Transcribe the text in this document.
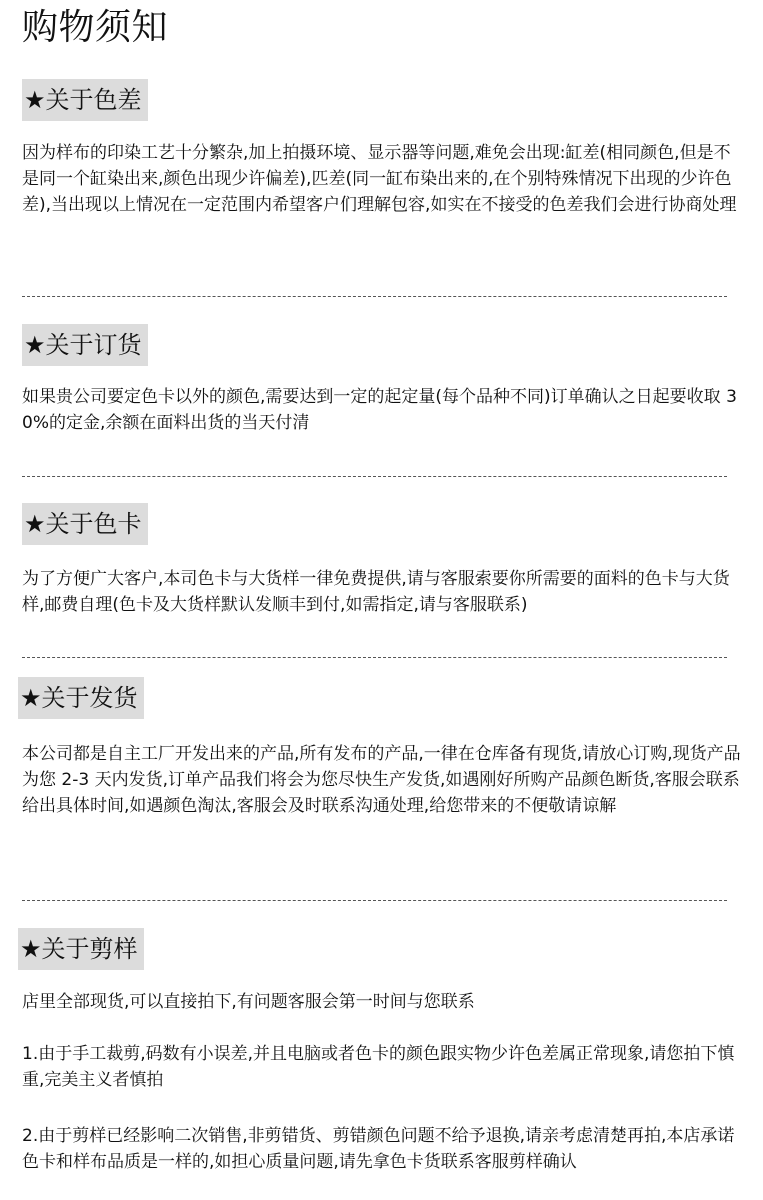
购物须知
★关于色差
因为样布的印染工艺十分繁杂,加上拍摄环境、显示器等问题,难免会出现:缸差(相同颜色,但是不是同一个缸染出来,颜色出现少许偏差),匹差(同一缸布染出来的,在个别特殊情况下出现的少许色差),当出现以上情况在一定范围内希望客户们理解包容,如实在不接受的色差我们会进行协商处理
★关于订货
如果贵公司要定色卡以外的颜色,需要达到一定的起定量(每个品种不同)订单确认之日起要收取 30%的定金,余额在面料出货的当天付清
★关于色卡
为了方便广大客户,本司色卡与大货样一律免费提供,请与客服索要你所需要的面料的色卡与大货样,邮费自理(色卡及大货样默认发顺丰到付,如需指定,请与客服联系)
★关于发货
本公司都是自主工厂开发出来的产品,所有发布的产品,一律在仓库备有现货,请放心订购,现货产品为您 2-3 天内发货,订单产品我们将会为您尽快生产发货,如遇刚好所购产品颜色断货,客服会联系给出具体时间,如遇颜色淘汰,客服会及时联系沟通处理,给您带来的不便敬请谅解
★关于剪样
店里全部现货,可以直接拍下,有问题客服会第一时间与您联系
1.由于手工裁剪,码数有小误差,并且电脑或者色卡的颜色跟实物少许色差属正常现象,请您拍下慎重,完美主义者慎拍
2.由于剪样已经影响二次销售,非剪错货、剪错颜色问题不给予退换,请亲考虑清楚再拍,本店承诺色卡和样布品质是一样的,如担心质量问题,请先拿色卡货联系客服剪样确认
